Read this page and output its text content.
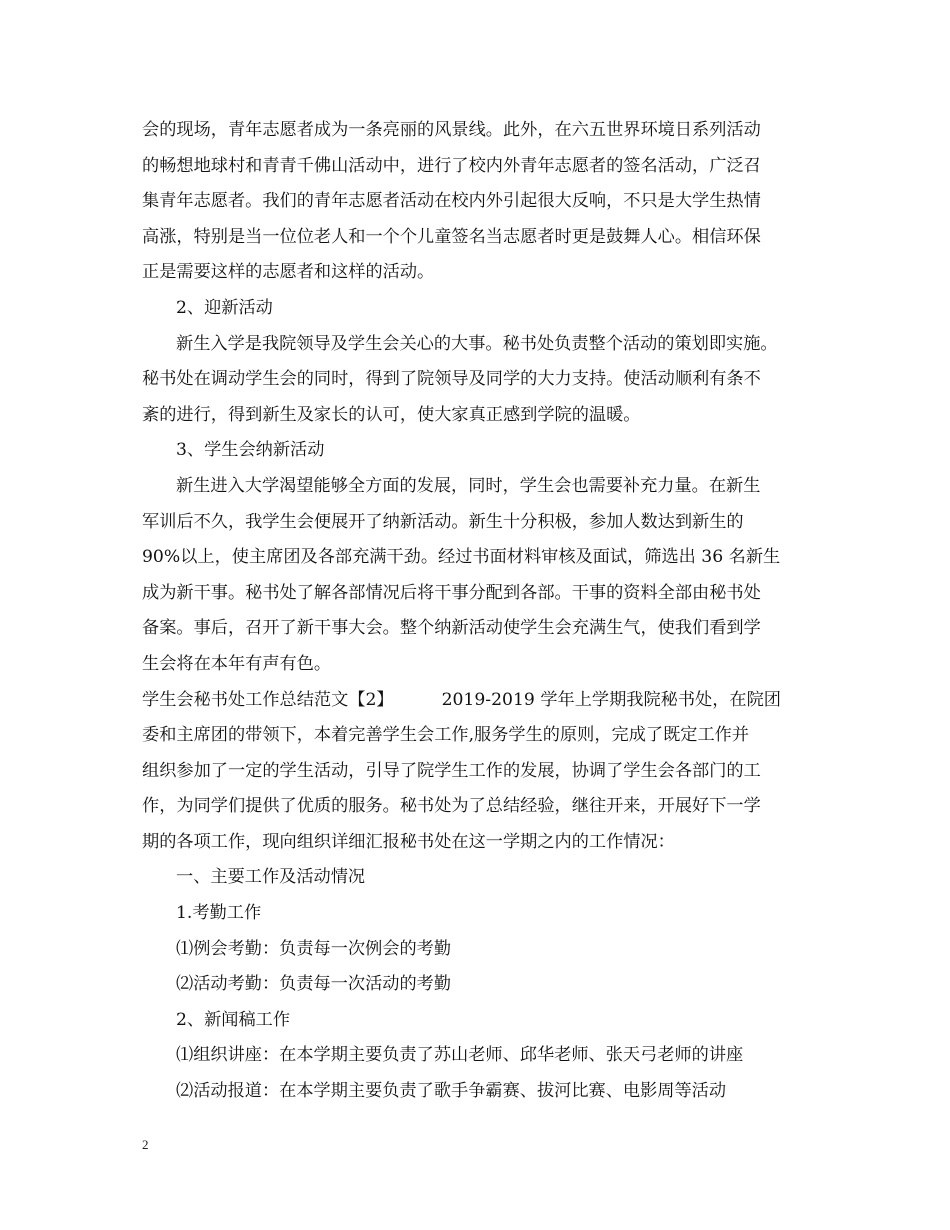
会的现场，青年志愿者成为一条亮丽的风景线。此外，在六五世界环境日系列活动
的畅想地球村和青青千佛山活动中，进行了校内外青年志愿者的签名活动，广泛召
集青年志愿者。我们的青年志愿者活动在校内外引起很大反响，不只是大学生热情
高涨，特别是当一位位老人和一个个儿童签名当志愿者时更是鼓舞人心。相信环保
正是需要这样的志愿者和这样的活动。
2、迎新活动
新生入学是我院领导及学生会关心的大事。秘书处负责整个活动的策划即实施。
秘书处在调动学生会的同时，得到了院领导及同学的大力支持。使活动顺利有条不
紊的进行，得到新生及家长的认可，使大家真正感到学院的温暖。
3、学生会纳新活动
新生进入大学渴望能够全方面的发展，同时，学生会也需要补充力量。在新生
军训后不久，我学生会便展开了纳新活动。新生十分积极，参加人数达到新生的
90%以上，使主席团及各部充满干劲。经过书面材料审核及面试，筛选出 36 名新生
成为新干事。秘书处了解各部情况后将干事分配到各部。干事的资料全部由秘书处
备案。事后，召开了新干事大会。整个纳新活动使学生会充满生气，使我们看到学
生会将在本年有声有色。
学生会秘书处工作总结范文【2】	2019-2019 学年上学期我院秘书处，在院团
委和主席团的带领下，本着完善学生会工作,服务学生的原则，完成了既定工作并
组织参加了一定的学生活动，引导了院学生工作的发展，协调了学生会各部门的工
作，为同学们提供了优质的服务。秘书处为了总结经验，继往开来，开展好下一学
期的各项工作，现向组织详细汇报秘书处在这一学期之内的工作情况：
一、主要工作及活动情况
1.考勤工作
⑴例会考勤：负责每一次例会的考勤
⑵活动考勤：负责每一次活动的考勤
2、新闻稿工作
⑴组织讲座：在本学期主要负责了苏山老师、邱华老师、张天弓老师的讲座
⑵活动报道：在本学期主要负责了歌手争霸赛、拔河比赛、电影周等活动
2
